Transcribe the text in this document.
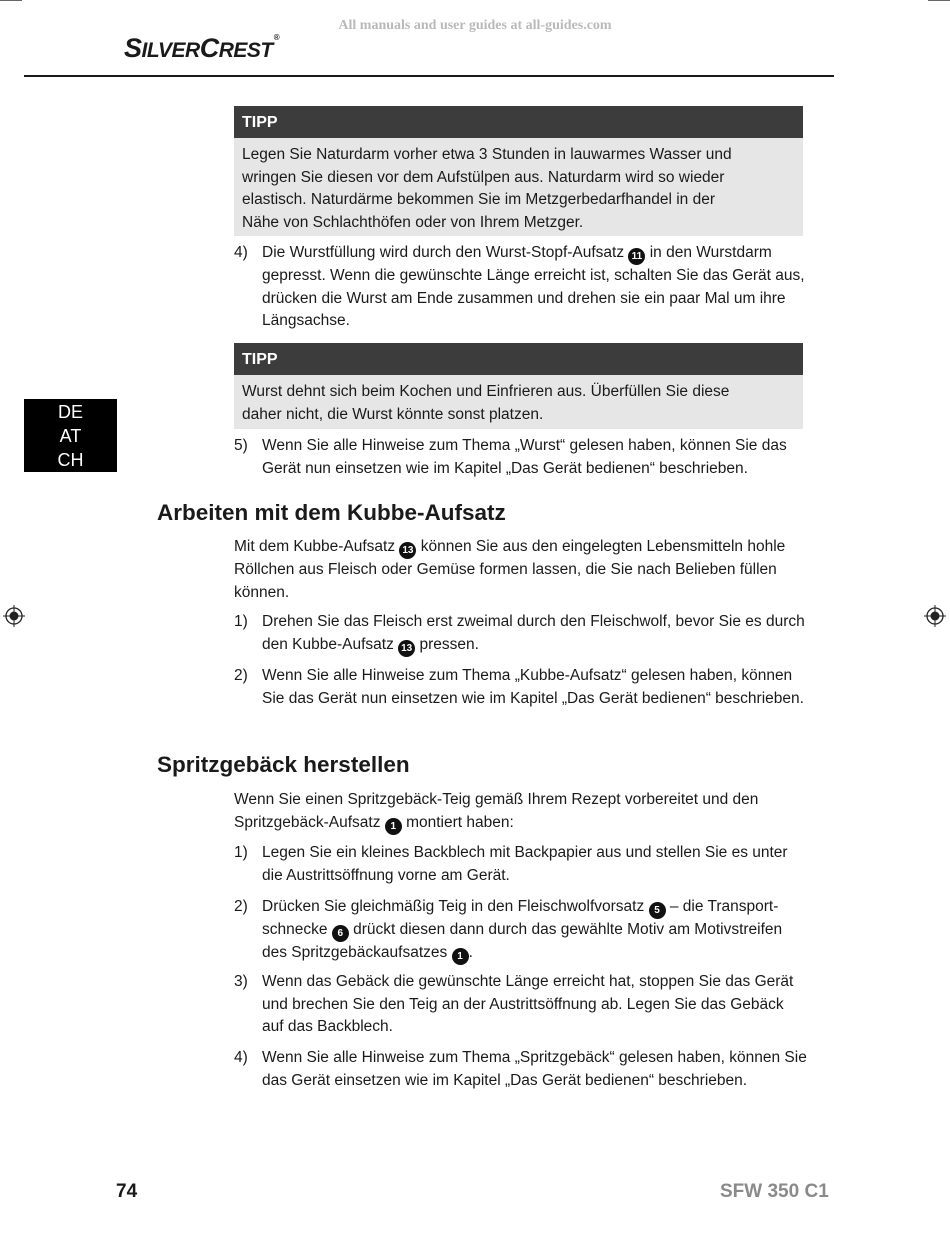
All manuals and user guides at all-guides.com
SILVERCREST®
DE
AT
CH
TIPP
Legen Sie Naturdarm vorher etwa 3 Stunden in lauwarmes Wasser und
wringen Sie diesen vor dem Aufstülpen aus. Naturdarm wird so wieder
elastisch. Naturdärme bekommen Sie im Metzgerbedarfhandel in der
Nähe von Schlachthöfen oder von Ihrem Metzger.
4) Die Wurstfüllung wird durch den Wurst-Stopf-Aufsatz 11 in den Wurstdarm gepresst. Wenn die gewünschte Länge erreicht ist, schalten Sie das Gerät aus, drücken die Wurst am Ende zusammen und drehen sie ein paar Mal um ihre Längsachse.
TIPP
Wurst dehnt sich beim Kochen und Einfrieren aus. Überfüllen Sie diese
daher nicht, die Wurst könnte sonst platzen.
5) Wenn Sie alle Hinweise zum Thema „Wurst“ gelesen haben, können Sie das Gerät nun einsetzen wie im Kapitel „Das Gerät bedienen“ beschrieben.
Arbeiten mit dem Kubbe-Aufsatz
Mit dem Kubbe-Aufsatz 13 können Sie aus den eingelegten Lebensmitteln hohle Röllchen aus Fleisch oder Gemüse formen lassen, die Sie nach Belieben füllen können.
1) Drehen Sie das Fleisch erst zweimal durch den Fleischwolf, bevor Sie es durch den Kubbe-Aufsatz 13 pressen.
2) Wenn Sie alle Hinweise zum Thema „Kubbe-Aufsatz“ gelesen haben, können Sie das Gerät nun einsetzen wie im Kapitel „Das Gerät bedienen“ beschrieben.
Spritzgebäck herstellen
Wenn Sie einen Spritzgebäck-Teig gemäß Ihrem Rezept vorbereitet und den Spritzgebäck-Aufsatz 1 montiert haben:
1) Legen Sie ein kleines Backblech mit Backpapier aus und stellen Sie es unter die Austrittsöffnung vorne am Gerät.
2) Drücken Sie gleichmäßig Teig in den Fleischwolfvorsatz 5 – die Transport-schnecke 6 drückt diesen dann durch das gewählte Motiv am Motivstreifen des Spritzgebäckaufsatzes 1 .
3) Wenn das Gebäck die gewünschte Länge erreicht hat, stoppen Sie das Gerät und brechen Sie den Teig an der Austrittsöffnung ab. Legen Sie das Gebäck auf das Backblech.
4) Wenn Sie alle Hinweise zum Thema „Spritzgebäck“ gelesen haben, können Sie das Gerät einsetzen wie im Kapitel „Das Gerät bedienen“ beschrieben.
74	SFW 350 C1
